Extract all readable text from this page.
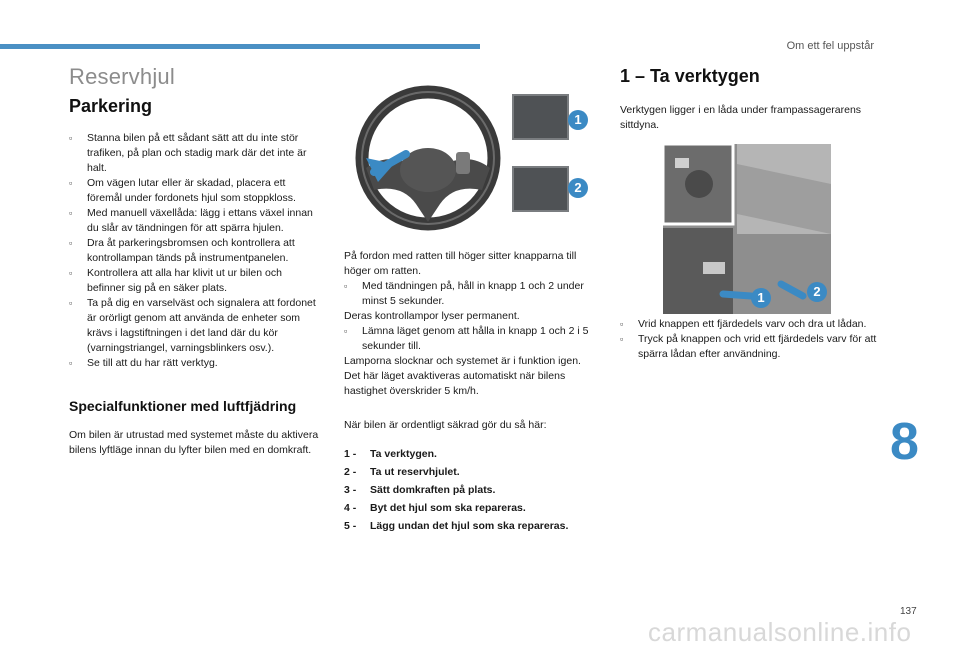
Om ett fel uppstår
Reservhjul
Parkering
▫ Stanna bilen på ett sådant sätt att du inte stör trafiken, på plan och stadig mark där det inte är halt.
▫ Om vägen lutar eller är skadad, placera ett föremål under fordonets hjul som stoppkloss.
▫ Med manuell växellåda: lägg i ettans växel innan du slår av tändningen för att spärra hjulen.
▫ Dra åt parkeringsbromsen och kontrollera att kontrollampan tänds på instrumentpanelen.
▫ Kontrollera att alla har klivit ut ur bilen och befinner sig på en säker plats.
▫ Ta på dig en varselväst och signalera att fordonet är orörligt genom att använda de enheter som krävs i lagstiftningen i det land där du kör (varningstriangel, varningsblinkers osv.).
▫ Se till att du har rätt verktyg.
Specialfunktioner med luftfjädring

Om bilen är utrustad med systemet måste du aktivera bilens lyftläge innan du lyfter bilen med en domkraft.

1
2

På fordon med ratten till höger sitter knapparna till höger om ratten.

▫ Med tändningen på, håll in knapp 1 och 2 under minst 5 sekunder.

Deras kontrollampor lyser permanent.

▫ Lämna läget genom att hålla in knapp 1 och 2 i 5 sekunder till.

Lamporna slocknar och systemet är i funktion igen.

Det här läget avaktiveras automatiskt när bilens hastighet överskrider 5 km/h.

När bilen är ordentligt säkrad gör du så här:

1 -	Ta verktygen.
2 -	Ta ut reservhjulet.
3 -	Sätt domkraften på plats.
4 -	Byt det hjul som ska repareras.
5 -	Lägg undan det hjul som ska repareras.
1 – Ta verktygen

Verktygen ligger i en låda under frampassagerarens sittdyna.

1	2
▫ Vrid knappen ett fjärdedels varv och dra ut lådan.
▫ Tryck på knappen och vrid ett fjärdedels varv för att spärra lådan efter användning.
8
137
carmanualsonline.info
